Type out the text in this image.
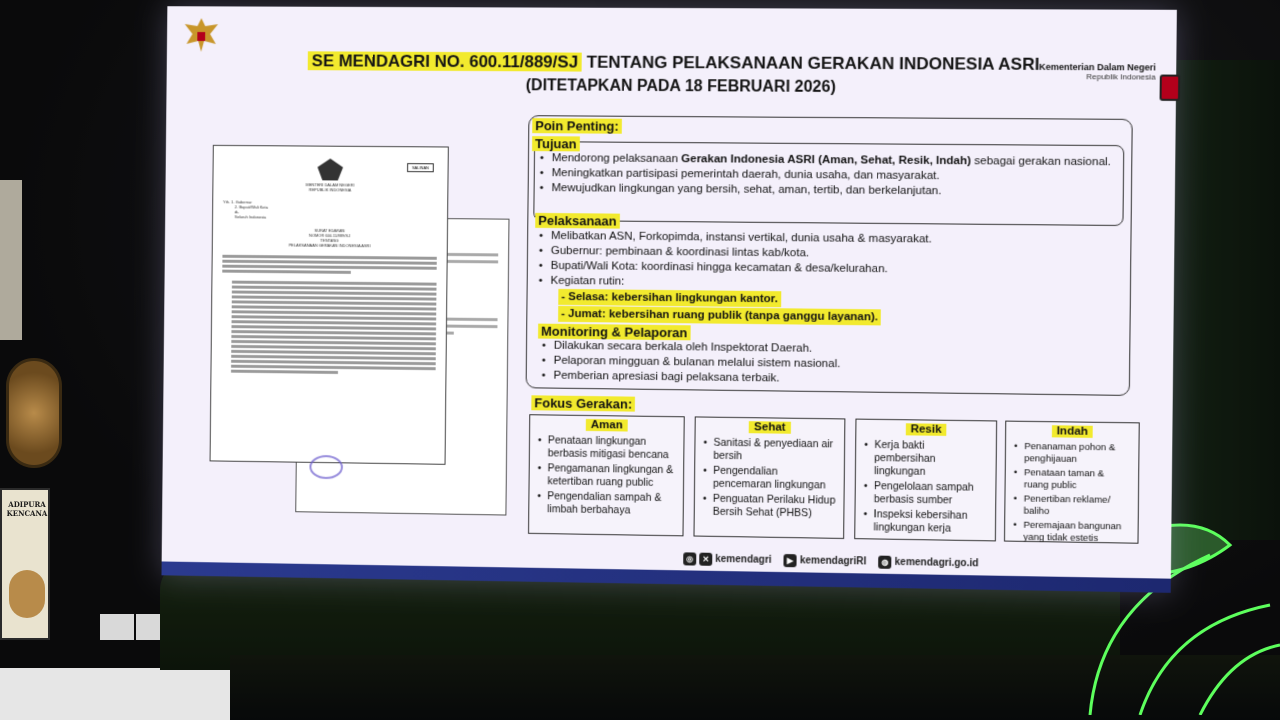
ADIPURA KENCANA
Kementerian Dalam Negeri
Republik Indonesia
SE MENDAGRI NO. 600.11/889/SJ TENTANG PELAKSANAAN GERAKAN INDONESIA ASRI
(DITETAPKAN PADA 18 FEBRUARI 2026)
SALINAN
MENTERI DALAM NEGERI
REPUBLIK INDONESIA
Yth. 1. Gubernur
2. Bupati/Wali Kota
di-
Seluruh Indonesia
SURAT EDARAN
NOMOR 600.11/889/SJ
TENTANG
PELAKSANAAN GERAKAN INDONESIA ASRI
Poin Penting:
Tujuan
• Mendorong pelaksanaan Gerakan Indonesia ASRI (Aman, Sehat, Resik, Indah) sebagai gerakan nasional.
• Meningkatkan partisipasi pemerintah daerah, dunia usaha, dan masyarakat.
• Mewujudkan lingkungan yang bersih, sehat, aman, tertib, dan berkelanjutan.
Pelaksanaan
• Melibatkan ASN, Forkopimda, instansi vertikal, dunia usaha & masyarakat.
• Gubernur: pembinaan & koordinasi lintas kab/kota.
• Bupati/Wali Kota: koordinasi hingga kecamatan & desa/kelurahan.
• Kegiatan rutin:
- Selasa: kebersihan lingkungan kantor.
- Jumat: kebersihan ruang publik (tanpa ganggu layanan).
Monitoring & Pelaporan
• Dilakukan secara berkala oleh Inspektorat Daerah.
• Pelaporan mingguan & bulanan melalui sistem nasional.
• Pemberian apresiasi bagi pelaksana terbaik.
Fokus Gerakan:
Aman
• Penataan lingkungan berbasis mitigasi bencana
• Pengamanan lingkungan & ketertiban ruang public
• Pengendalian sampah & limbah berbahaya
Sehat
• Sanitasi & penyediaan air bersih
• Pengendalian pencemaran lingkungan
• Penguatan Perilaku Hidup Bersih Sehat (PHBS)
Resik
• Kerja bakti pembersihan lingkungan
• Pengelolaan sampah berbasis sumber
• Inspeksi kebersihan lingkungan kerja
Indah
• Penanaman pohon & penghijauan
• Penataan taman & ruang public
• Penertiban reklame/ baliho
• Peremajaan bangunan yang tidak estetis
◎ ✕ kemendagri	▶ kemendagriRI	◍ kemendagri.go.id
